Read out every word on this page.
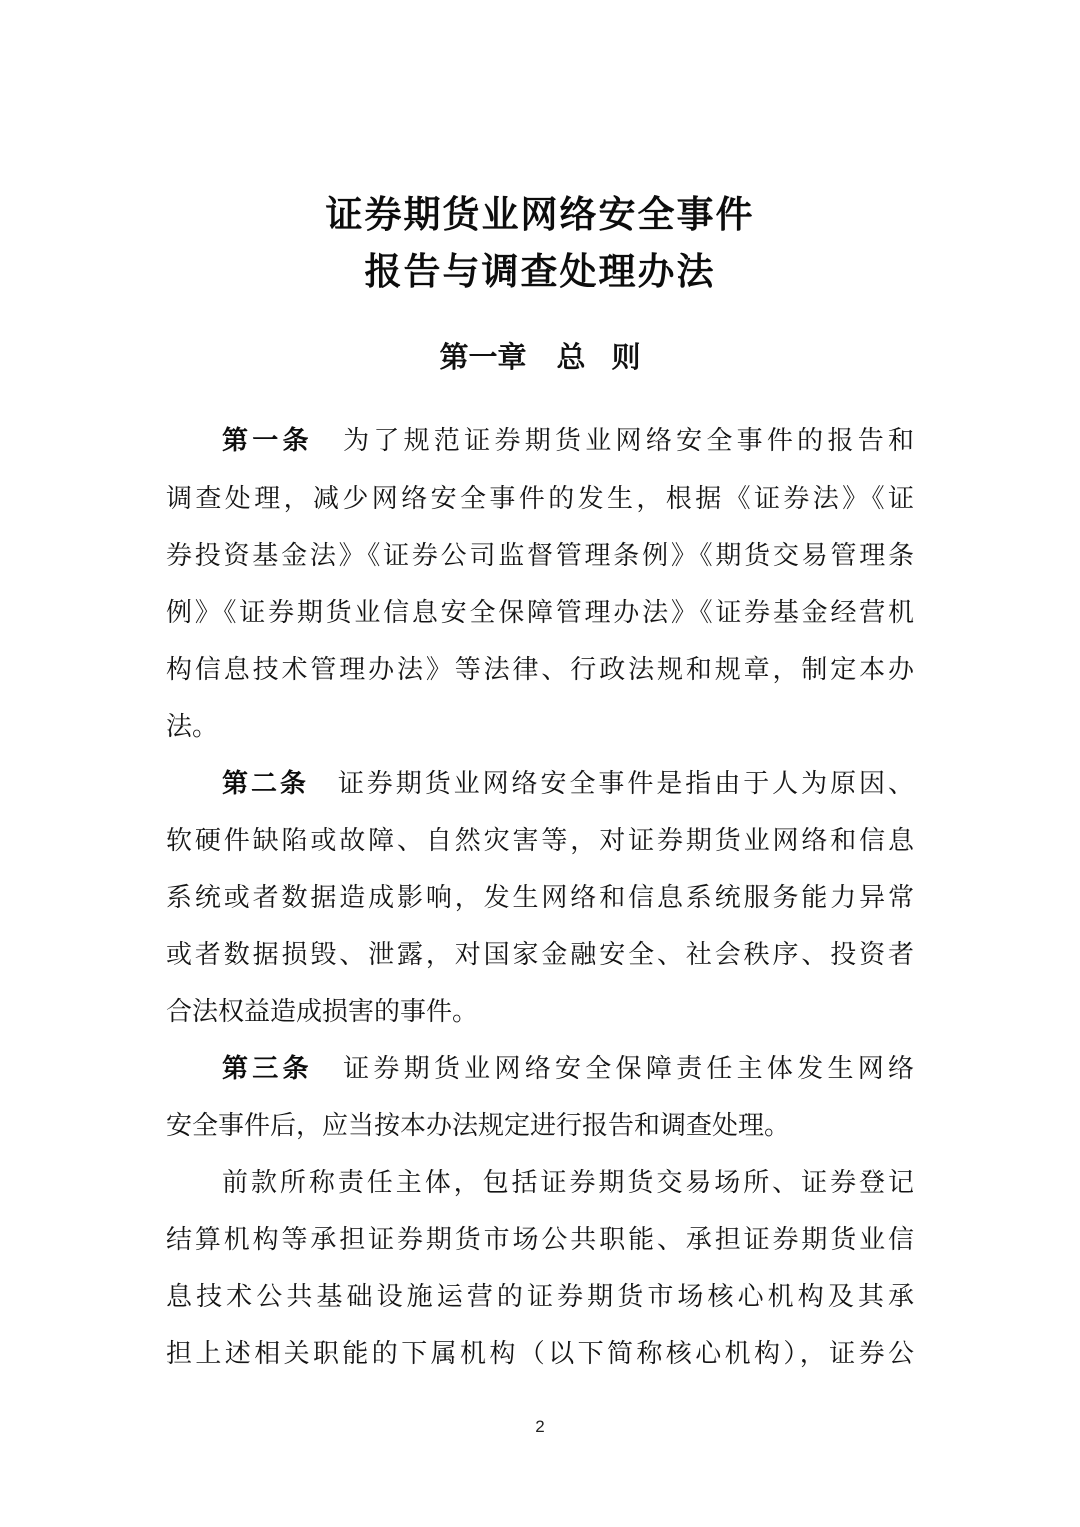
证券期货业网络安全事件
报告与调查处理办法
第一章 总 则
第一条 为了规范证券期货业网络安全事件的报告和
调查处理，减少网络安全事件的发生，根据《证券法》《证
券投资基金法》《证券公司监督管理条例》《期货交易管理条
例》《证券期货业信息安全保障管理办法》《证券基金经营机
构信息技术管理办法》等法律、行政法规和规章，制定本办
法。
第二条 证券期货业网络安全事件是指由于人为原因、
软硬件缺陷或故障、自然灾害等，对证券期货业网络和信息
系统或者数据造成影响，发生网络和信息系统服务能力异常
或者数据损毁、泄露，对国家金融安全、社会秩序、投资者
合法权益造成损害的事件。
第三条 证券期货业网络安全保障责任主体发生网络
安全事件后，应当按本办法规定进行报告和调查处理。
前款所称责任主体，包括证券期货交易场所、证券登记
结算机构等承担证券期货市场公共职能、承担证券期货业信
息技术公共基础设施运营的证券期货市场核心机构及其承
担上述相关职能的下属机构（以下简称核心机构），证券公
2
